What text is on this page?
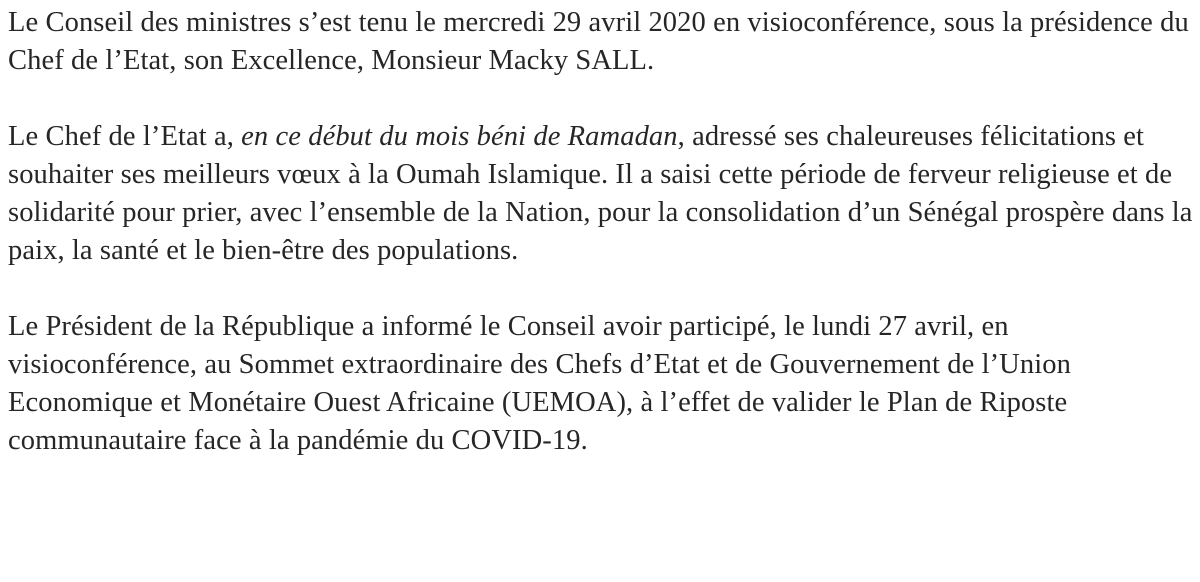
Le Conseil des ministres s’est tenu le mercredi 29 avril 2020 en visioconférence, sous la présidence du Chef de l’Etat, son Excellence, Monsieur Macky SALL.

Le Chef de l’Etat a, en ce début du mois béni de Ramadan, adressé ses chaleureuses félicitations et souhaiter ses meilleurs vœux à la Oumah Islamique. Il a saisi cette période de ferveur religieuse et de solidarité pour prier, avec l’ensemble de la Nation, pour la consolidation d’un Sénégal prospère dans la paix, la santé et le bien-être des populations.

Le Président de la République a informé le Conseil avoir participé, le lundi 27 avril, en visioconférence, au Sommet extraordinaire des Chefs d’Etat et de Gouvernement de l’Union Economique et Monétaire Ouest Africaine (UEMOA), à l’effet de valider le Plan de Riposte communautaire face à la pandémie du COVID-19.
